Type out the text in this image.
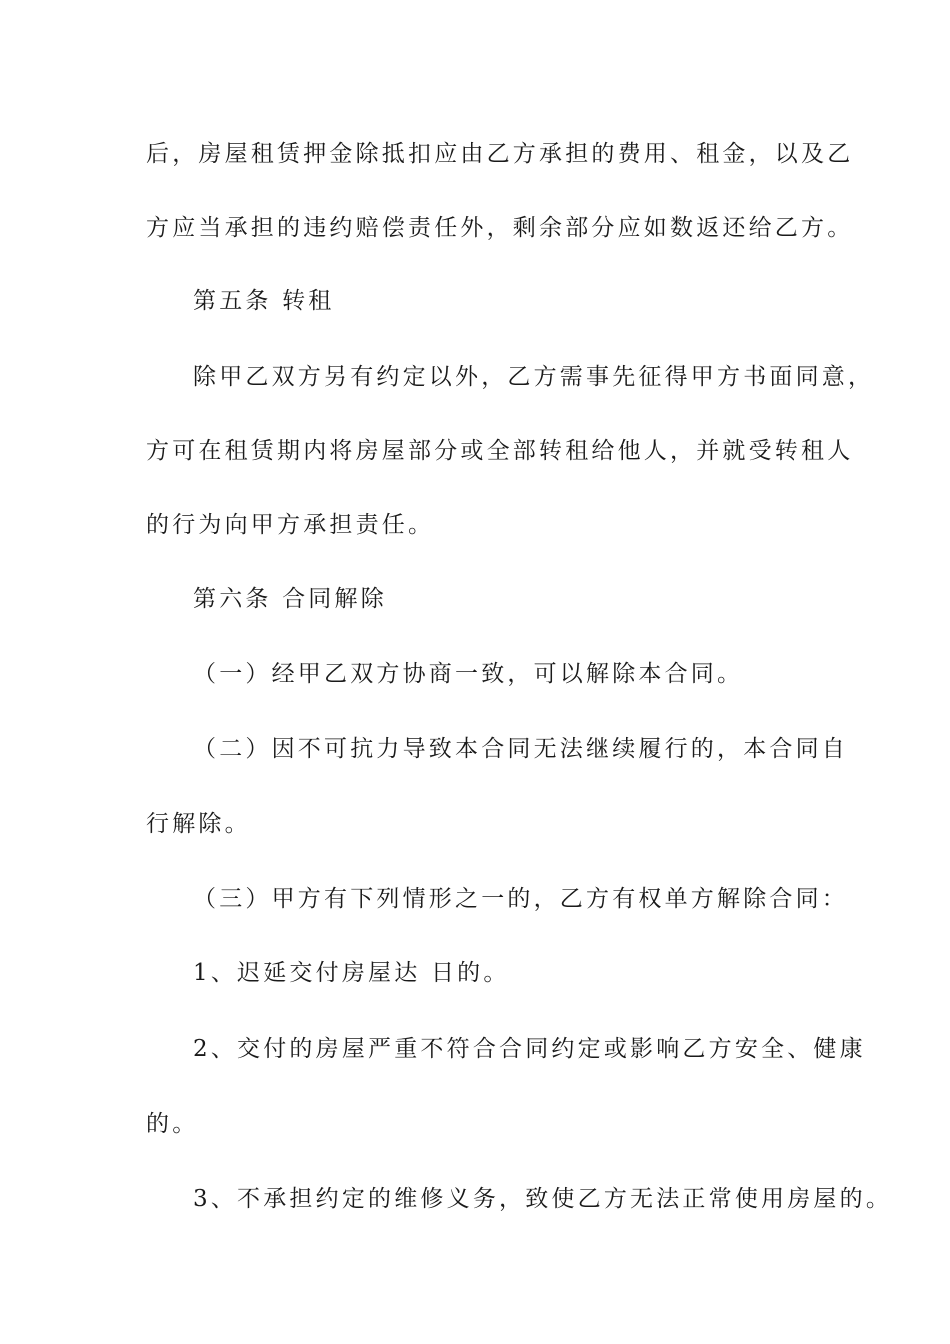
后，房屋租赁押金除抵扣应由乙方承担的费用、租金，以及乙
方应当承担的违约赔偿责任外，剩余部分应如数返还给乙方。
第五条 转租
除甲乙双方另有约定以外，乙方需事先征得甲方书面同意，
方可在租赁期内将房屋部分或全部转租给他人，并就受转租人
的行为向甲方承担责任。
第六条 合同解除
（一）经甲乙双方协商一致，可以解除本合同。
（二）因不可抗力导致本合同无法继续履行的，本合同自
行解除。
（三）甲方有下列情形之一的，乙方有权单方解除合同：
1、迟延交付房屋达 日的。
2、交付的房屋严重不符合合同约定或影响乙方安全、健康
的。
3、不承担约定的维修义务，致使乙方无法正常使用房屋的。
